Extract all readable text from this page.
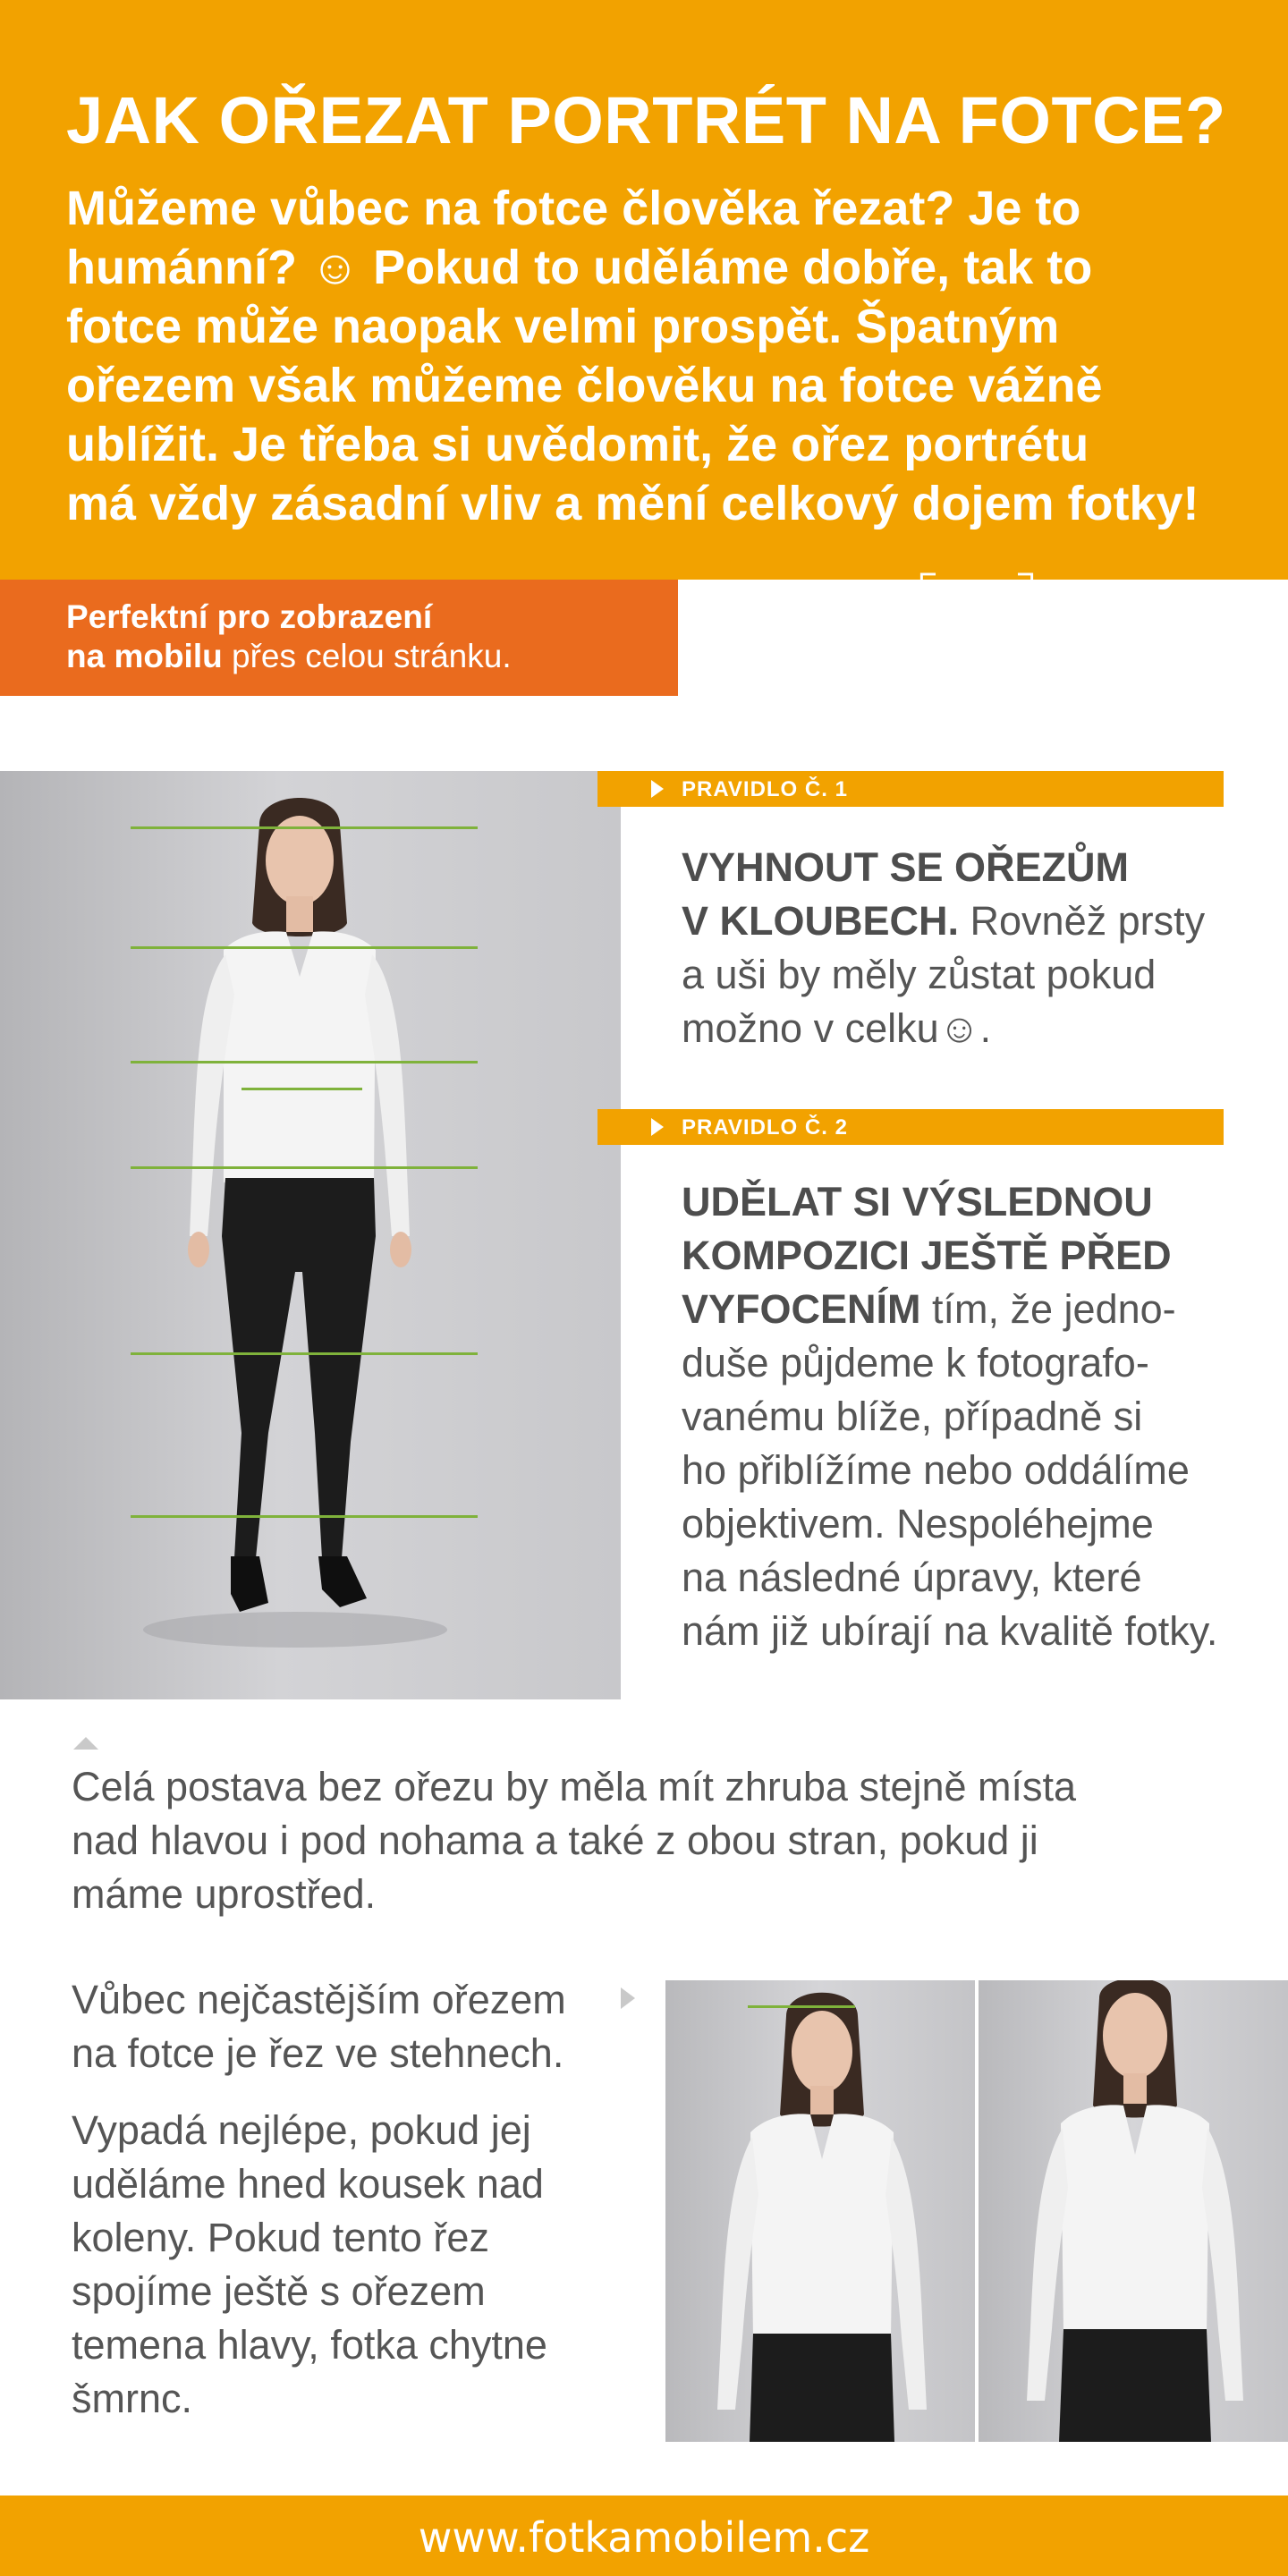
JAK OŘEZAT PORTRÉT NA FOTCE?
Můžeme vůbec na fotce člověka řezat? Je to
humánní? ☺ Pokud to uděláme dobře, tak to
fotce může naopak velmi prospět. Špatným
ořezem však můžeme člověku na fotce vážně
ublížit. Je třeba si uvědomit, že ořez portrétu
má vždy zásadní vliv a mění celkový dojem fotky!
Perfektní pro zobrazení
na mobilu přes celou stránku.
fotkamobilem
PRAVIDLO Č. 1
VYHNOUT SE OŘEZŮM
V KLOUBECH. Rovněž prsty
a uši by měly zůstat pokud
možno v celku☺.
PRAVIDLO Č. 2
UDĚLAT SI VÝSLEDNOU
KOMPOZICI JEŠTĚ PŘED
VYFOCENÍM tím, že jedno-
duše půjdeme k fotografo-
vanému blíže, případně si
ho přiblížíme nebo oddálíme
objektivem. Nespoléhejme
na následné úpravy, které
nám již ubírají na kvalitě fotky.
Celá postava bez ořezu by měla mít zhruba stejně místa
nad hlavou i pod nohama a také z obou stran, pokud ji
máme uprostřed.
Vůbec nejčastějším ořezem
na fotce je řez ve stehnech.
Vypadá nejlépe, pokud jej
uděláme hned kousek nad
koleny. Pokud tento řez
spojíme ještě s ořezem
temena hlavy, fotka chytne
šmrnc.
www.fotkamobilem.cz
